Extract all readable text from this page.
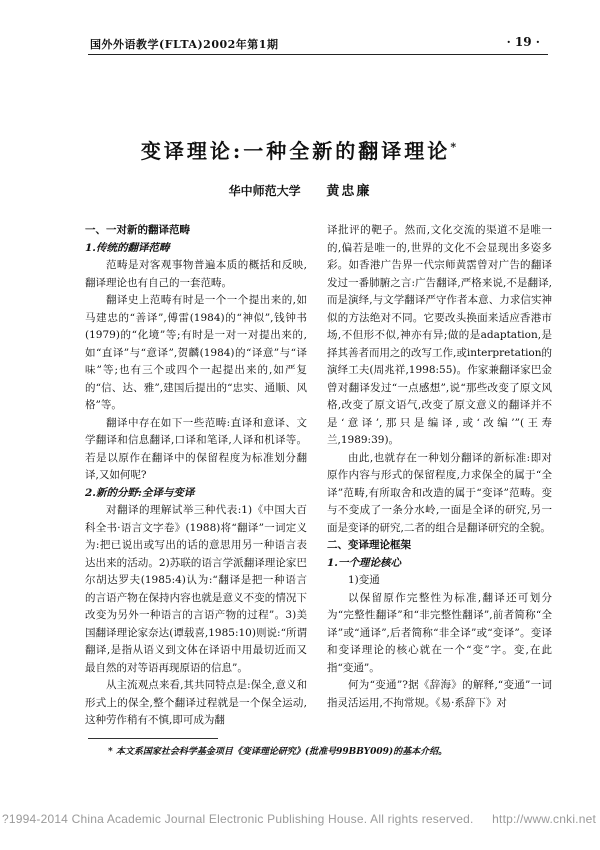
国外外语教学(FLTA)2002年第1期	· 19 ·
变译理论:一种全新的翻译理论*
华中师范大学 黄忠廉

一、一对新的翻译范畴

1.传统的翻译范畴

范畴是对客观事物普遍本质的概括和反映,翻译理论也有自己的一套范畴。

翻译史上范畴有时是一个一个提出来的,如马建忠的“善译”,傅雷(1984)的“神似”,钱钟书(1979)的“化境”等;有时是一对一对提出来的,如“直译”与“意译”,贺麟(1984)的“译意”与“译味”等;也有三个或四个一起提出来的,如严复的“信、达、雅”,建国后提出的“忠实、通顺、风格”等。

翻译中存在如下一些范畴:直译和意译、文学翻译和信息翻译,口译和笔译,人译和机译等。若是以原作在翻译中的保留程度为标准划分翻译,又如何呢?

2.新的分野:全译与变译

对翻译的理解试举三种代表:1)《中国大百科全书·语言文字卷》(1988)将“翻译”一词定义为:把已说出或写出的话的意思用另一种语言表达出来的活动。2)苏联的语言学派翻译理论家巴尔胡达罗夫(1985:4)认为:“翻译是把一种语言的言语产物在保持内容也就是意义不变的情况下改变为另外一种语言的言语产物的过程”。3)美国翻译理论家奈达(谭载喜,1985:10)则说:“所谓翻译,是指从语义到文体在译语中用最切近而又最自然的对等语再现原语的信息”。

从主流观点来看,其共同特点是:保全,意义和形式上的保全,整个翻译过程就是一个保全运动,这种劳作稍有不慎,即可成为翻

译批评的靶子。然而,文化交流的渠道不是唯一的,偏若是唯一的,世界的文化不会显现出多姿多彩。如香港广告界一代宗师黄霑曾对广告的翻译发过一番肺腑之言:广告翻译,严格来说,不是翻译,而是演绎,与文学翻译严守作者本意、力求信实神似的方法绝对不同。它要改头换面来适应香港市场,不但形不似,神亦有异;做的是adaptation,是择其善者而用之的改写工作,或interpretation的演绎工夫(周兆祥,1998:55)。作家兼翻译家巴金曾对翻译发过“一点感想”,说“那些改变了原文风格,改变了原文语气,改变了原文意义的翻译并不是‘意译’,那只是编译,或‘改编’”(王寿兰,1989:39)。

由此,也就存在一种划分翻译的新标准:即对原作内容与形式的保留程度,力求保全的属于“全译”范畴,有所取舍和改造的属于“变译”范畴。变与不变成了一条分水岭,一面是全译的研究,另一面是变译的研究,二者的组合是翻译研究的全貌。

二、变译理论框架

1.一个理论核心

1)变通

以保留原作完整性为标准,翻译还可划分为“完整性翻译”和“非完整性翻译”,前者简称“全译”或“通译”,后者简称“非全译”或“变译”。变译和变译理论的核心就在一个“变”字。变,在此指“变通”。

何为“变通”?据《辞海》的解释,“变通”一词指灵活运用,不拘常规。《易·系辞下》对

* 本文系国家社会科学基金项目《变译理论研究》(批准号99BBY009)的基本介绍。
?1994-2014 China Academic Journal Electronic Publishing House. All rights reserved. http://www.cnki.net
